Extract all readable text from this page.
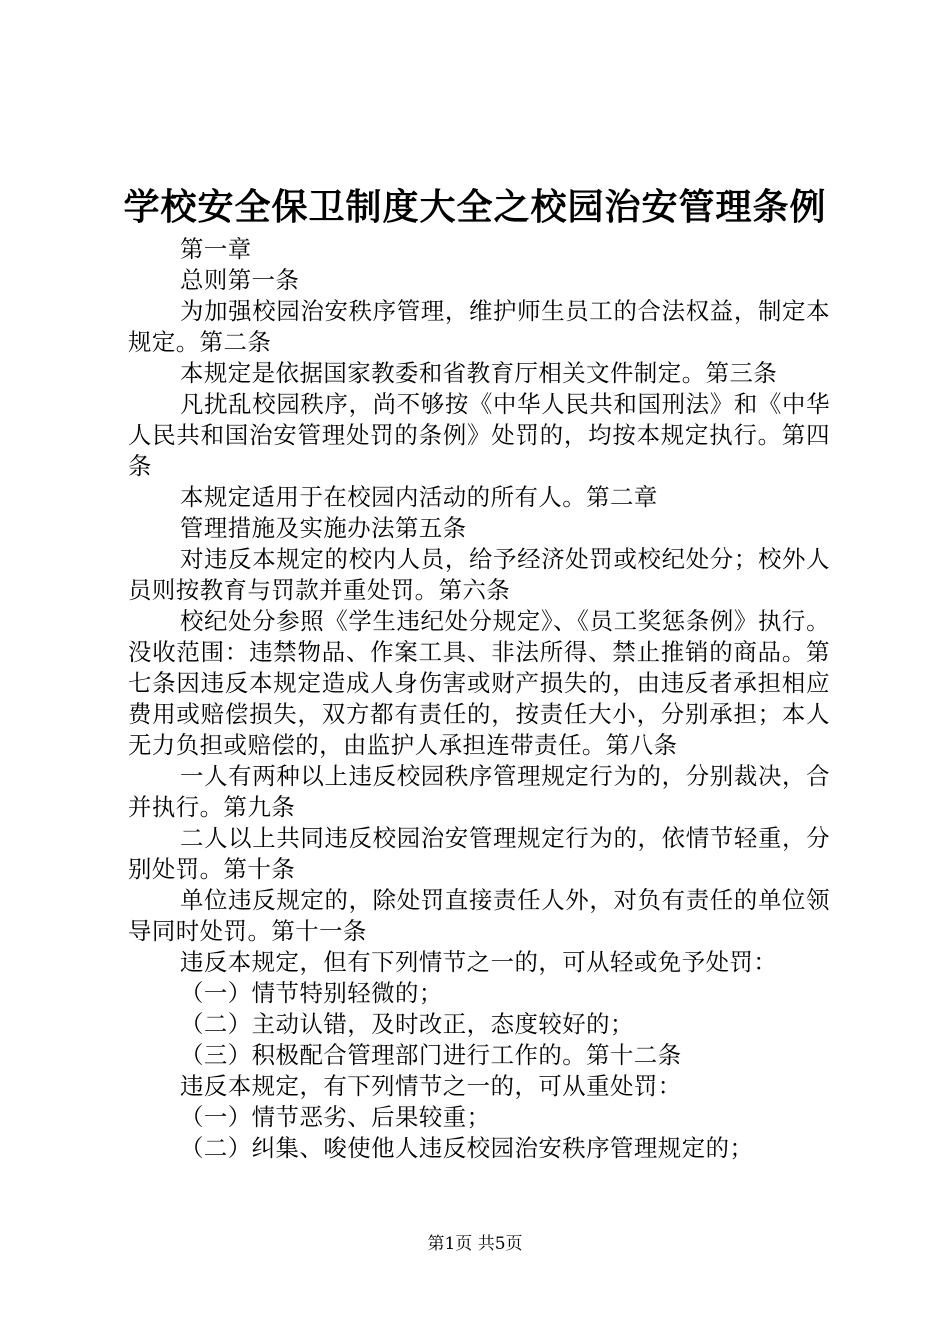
学校安全保卫制度大全之校园治安管理条例

第一章

总则第一条

为加强校园治安秩序管理，维护师生员工的合法权益，制定本规定。第二条

本规定是依据国家教委和省教育厅相关文件制定。第三条

凡扰乱校园秩序，尚不够按《中华人民共和国刑法》和《中华人民共和国治安管理处罚的条例》处罚的，均按本规定执行。第四条

本规定适用于在校园内活动的所有人。第二章

管理措施及实施办法第五条

对违反本规定的校内人员，给予经济处罚或校纪处分；校外人员则按教育与罚款并重处罚。第六条

校纪处分参照《学生违纪处分规定》、《员工奖惩条例》执行。没收范围：违禁物品、作案工具、非法所得、禁止推销的商品。第七条因违反本规定造成人身伤害或财产损失的，由违反者承担相应费用或赔偿损失，双方都有责任的，按责任大小，分别承担；本人无力负担或赔偿的，由监护人承担连带责任。第八条

一人有两种以上违反校园秩序管理规定行为的，分别裁决，合并执行。第九条

二人以上共同违反校园治安管理规定行为的，依情节轻重，分别处罚。第十条

单位违反规定的，除处罚直接责任人外，对负有责任的单位领导同时处罚。第十一条

违反本规定，但有下列情节之一的，可从轻或免予处罚：

（一）情节特别轻微的；

（二）主动认错，及时改正，态度较好的；

（三）积极配合管理部门进行工作的。第十二条

违反本规定，有下列情节之一的，可从重处罚：

（一）情节恶劣、后果较重；

（二）纠集、唆使他人违反校园治安秩序管理规定的；

第1页 共5页
